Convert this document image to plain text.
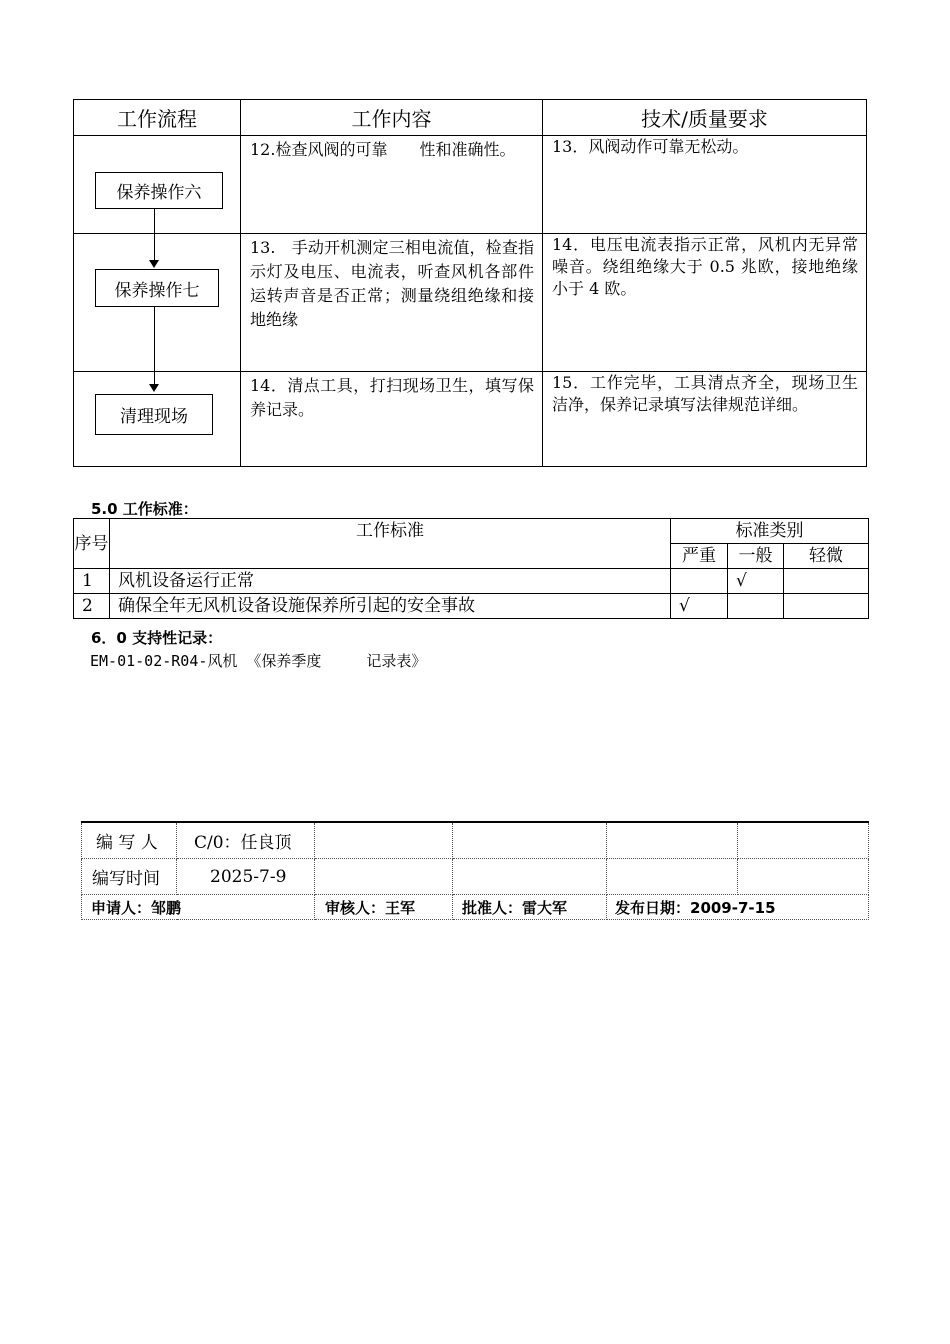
工作流程	工作内容	技术/质量要求

保养操作六	12.检查风阀的可靠　　性和准确性。	13．风阀动作可靠无松动。

保养操作七	13.　手动开机测定三相电流值，检查指示灯及电压、电流表，听查风机各部件运转声音是否正常；测量绕组绝缘和接地绝缘	14．电压电流表指示正常，风机内无异常噪音。绕组绝缘大于 0.5 兆欧，接地绝缘小于 4 欧。

清理现场	14．清点工具，打扫现场卫生，填写保养记录。	15．工作完毕，工具清点齐全，现场卫生洁净，保养记录填写法律规范详细。
5.0 工作标准：
序号	工作标准	标准类别		
		严重	一般	轻微
1	风机设备运行正常		√	
2	确保全年无风机设备设施保养所引起的安全事故	√		
6．0 支持性记录：
EM-01-02-R04-风机 《保养季度　　　记录表》
编 写 人	C/0：任良顶				
编写时间	2025-7-9				
申请人：邹鹏		审核人：王军	批准人：雷大军	发布日期：2009-7-15	
